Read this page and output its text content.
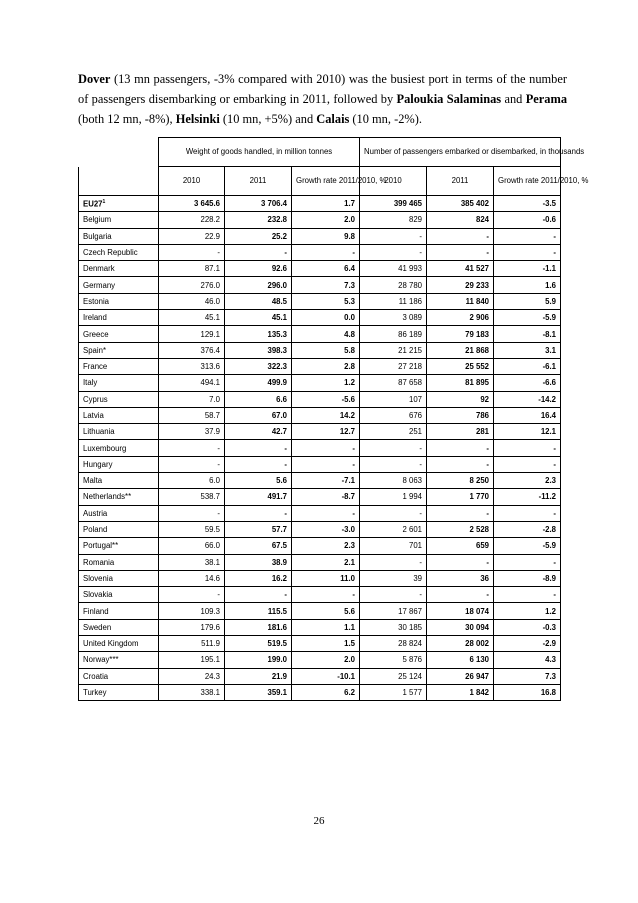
Dover (13 mn passengers, -3% compared with 2010) was the busiest port in terms of the number of passengers disembarking or embarking in 2011, followed by Paloukia Salaminas and Perama (both 12 mn, -8%), Helsinki (10 mn, +5%) and Calais (10 mn, -2%).

	Weight of goods handled, in million tonnes			Number of passengers embarked or disembarked, in thousands		
	2010	2011	Growth rate 2011/2010, %	2010	2011	Growth rate 2011/2010, %
$EU27^1$	3 645.6	3 706.4	1.7	399 465	385 402	-3.5
Belgium	228.2	232.8	2.0	829	824	-0.6
Bulgaria	22.9	25.2	9.8	-	-	-
Czech Republic	-	-	-	-	-	-
Denmark	87.1	92.6	6.4	41 993	41 527	-1.1
Germany	276.0	296.0	7.3	28 780	29 233	1.6
Estonia	46.0	48.5	5.3	11 186	11 840	5.9
Ireland	45.1	45.1	0.0	3 089	2 906	-5.9
Greece	129.1	135.3	4.8	86 189	79 183	-8.1
Spain*	376.4	398.3	5.8	21 215	21 868	3.1
France	313.6	322.3	2.8	27 218	25 552	-6.1
Italy	494.1	499.9	1.2	87 658	81 895	-6.6
Cyprus	7.0	6.6	-5.6	107	92	-14.2
Latvia	58.7	67.0	14.2	676	786	16.4
Lithuania	37.9	42.7	12.7	251	281	12.1
Luxembourg	-	-	-	-	-	-
Hungary	-	-	-	-	-	-
Malta	6.0	5.6	-7.1	8 063	8 250	2.3
Netherlands**	538.7	491.7	-8.7	1 994	1 770	-11.2
Austria	-	-	-	-	-	-
Poland	59.5	57.7	-3.0	2 601	2 528	-2.8
Portugal**	66.0	67.5	2.3	701	659	-5.9
Romania	38.1	38.9	2.1	-	-	-
Slovenia	14.6	16.2	11.0	39	36	-8.9
Slovakia	-	-	-	-	-	-
Finland	109.3	115.5	5.6	17 867	18 074	1.2
Sweden	179.6	181.6	1.1	30 185	30 094	-0.3
United Kingdom	511.9	519.5	1.5	28 824	28 002	-2.9
Norway***	195.1	199.0	2.0	5 876	6 130	4.3
Croatia	24.3	21.9	-10.1	25 124	26 947	7.3
Turkey	338.1	359.1	6.2	1 577	1 842	16.8
26
